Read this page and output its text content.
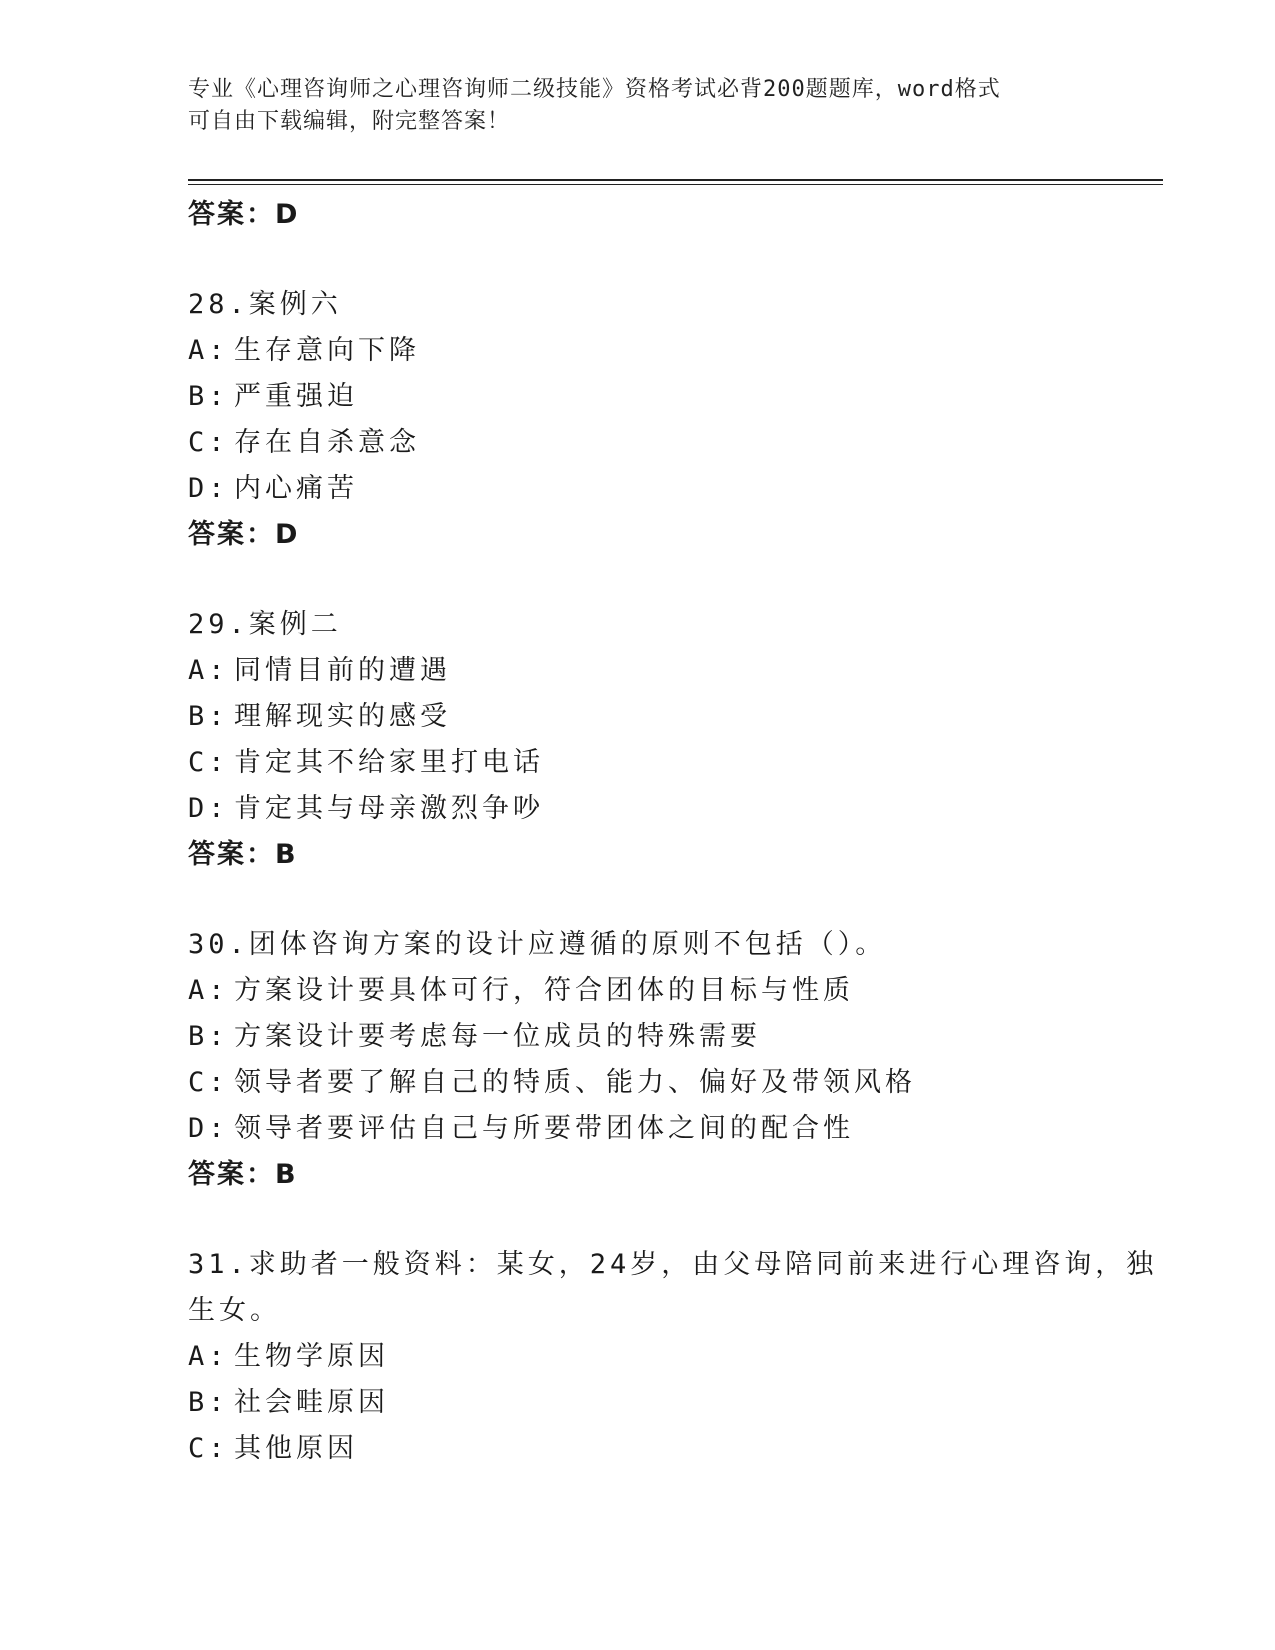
专业《心理咨询师之心理咨询师二级技能》资格考试必背200题题库，word格式
可自由下载编辑，附完整答案！
答案：D
28.案例六
A: 生存意向下降
B: 严重强迫
C: 存在自杀意念
D: 内心痛苦
答案：D
29.案例二
A: 同情目前的遭遇
B: 理解现实的感受
C: 肯定其不给家里打电话
D: 肯定其与母亲激烈争吵
答案：B
30.团体咨询方案的设计应遵循的原则不包括（）。
A: 方案设计要具体可行，符合团体的目标与性质
B: 方案设计要考虑每一位成员的特殊需要
C: 领导者要了解自己的特质、能力、偏好及带领风格
D: 领导者要评估自己与所要带团体之间的配合性
答案：B
31.求助者一般资料：某女，24岁，由父母陪同前来进行心理咨询，独
生女。
A: 生物学原因
B: 社会畦原因
C: 其他原因
